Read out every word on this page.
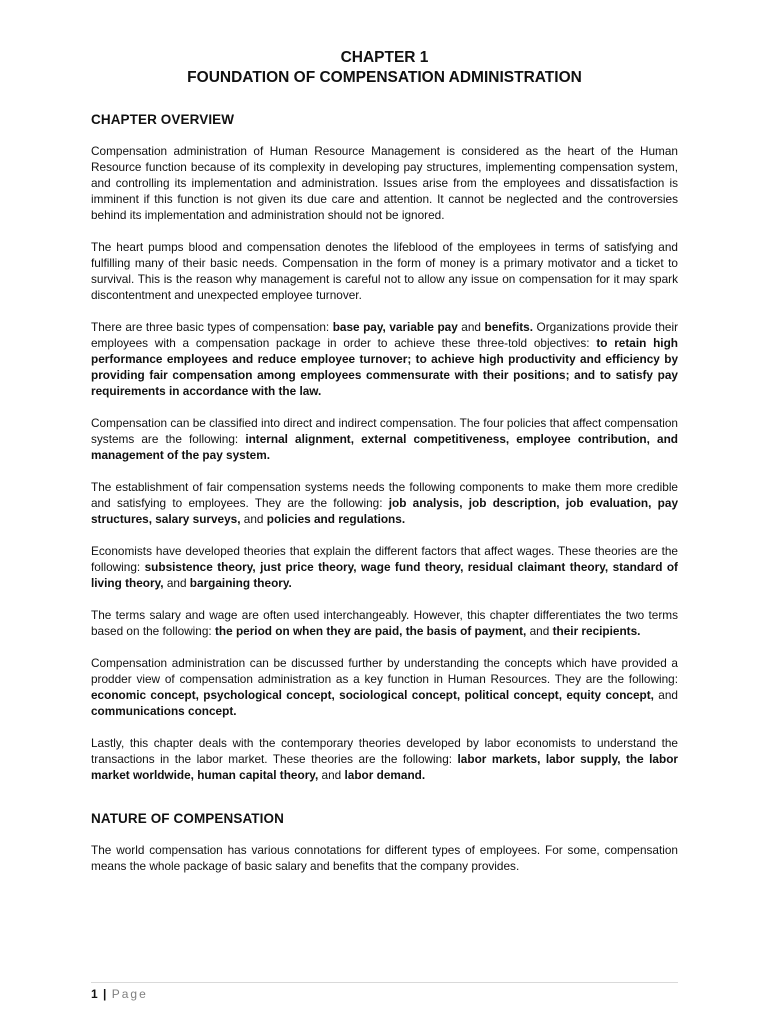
CHAPTER 1
FOUNDATION OF COMPENSATION ADMINISTRATION
CHAPTER OVERVIEW

Compensation administration of Human Resource Management is considered as the heart of the Human Resource function because of its complexity in developing pay structures, implementing compensation system, and controlling its implementation and administration. Issues arise from the employees and dissatisfaction is imminent if this function is not given its due care and attention. It cannot be neglected and the controversies behind its implementation and administration should not be ignored.

The heart pumps blood and compensation denotes the lifeblood of the employees in terms of satisfying and fulfilling many of their basic needs. Compensation in the form of money is a primary motivator and a ticket to survival. This is the reason why management is careful not to allow any issue on compensation for it may spark discontentment and unexpected employee turnover.

There are three basic types of compensation: base pay, variable pay and benefits. Organizations provide their employees with a compensation package in order to achieve these three-told objectives: to retain high performance employees and reduce employee turnover; to achieve high productivity and efficiency by providing fair compensation among employees commensurate with their positions; and to satisfy pay requirements in accordance with the law.

Compensation can be classified into direct and indirect compensation. The four policies that affect compensation systems are the following: internal alignment, external competitiveness, employee contribution, and management of the pay system.

The establishment of fair compensation systems needs the following components to make them more credible and satisfying to employees. They are the following: job analysis, job description, job evaluation, pay structures, salary surveys, and policies and regulations.

Economists have developed theories that explain the different factors that affect wages. These theories are the following: subsistence theory, just price theory, wage fund theory, residual claimant theory, standard of living theory, and bargaining theory.

The terms salary and wage are often used interchangeably. However, this chapter differentiates the two terms based on the following: the period on when they are paid, the basis of payment, and their recipients.

Compensation administration can be discussed further by understanding the concepts which have provided a prodder view of compensation administration as a key function in Human Resources. They are the following: economic concept, psychological concept, sociological concept, political concept, equity concept, and communications concept.

Lastly, this chapter deals with the contemporary theories developed by labor economists to understand the transactions in the labor market. These theories are the following: labor markets, labor supply, the labor market worldwide, human capital theory, and labor demand.

NATURE OF COMPENSATION

The world compensation has various connotations for different types of employees. For some, compensation means the whole package of basic salary and benefits that the company provides.

1 | Page
